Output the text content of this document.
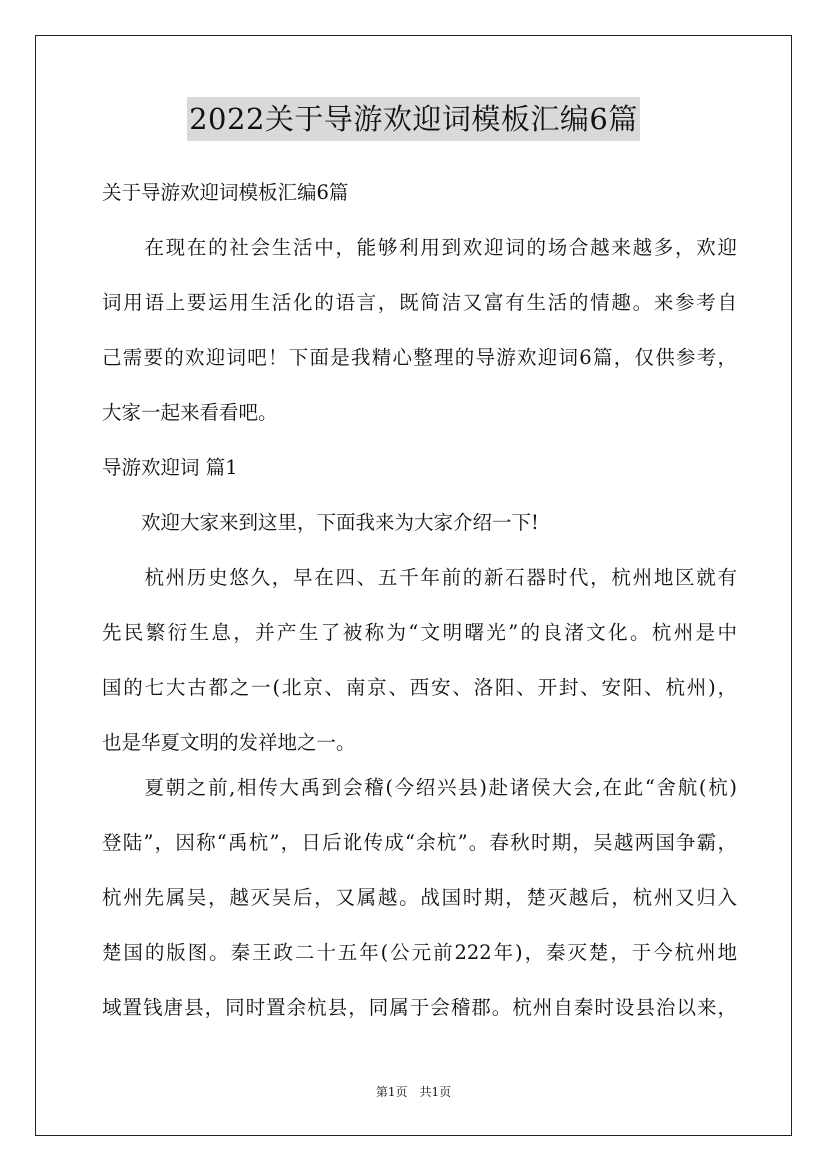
2022关于导游欢迎词模板汇编6篇
关于导游欢迎词模板汇编6篇
　　在现在的社会生活中，能够利用到欢迎词的场合越来越多，欢迎
词用语上要运用生活化的语言，既简洁又富有生活的情趣。来参考自
己需要的欢迎词吧！下面是我精心整理的导游欢迎词6篇，仅供参考，
大家一起来看看吧。
导游欢迎词 篇1
　　欢迎大家来到这里，下面我来为大家介绍一下!
　　杭州历史悠久，早在四、五千年前的新石器时代，杭州地区就有
先民繁衍生息，并产生了被称为“文明曙光”的良渚文化。杭州是中
国的七大古都之一(北京、南京、西安、洛阳、开封、安阳、杭州)，
也是华夏文明的发祥地之一。
　　夏朝之前,相传大禹到会稽(今绍兴县)赴诸侯大会,在此“舍航(杭)
登陆”，因称“禹杭”，日后讹传成“余杭”。春秋时期，吴越两国争霸，
杭州先属吴，越灭吴后，又属越。战国时期，楚灭越后，杭州又归入
楚国的版图。秦王政二十五年(公元前222年)，秦灭楚，于今杭州地
域置钱唐县，同时置余杭县，同属于会稽郡。杭州自秦时设县治以来，
第1页　共1页
